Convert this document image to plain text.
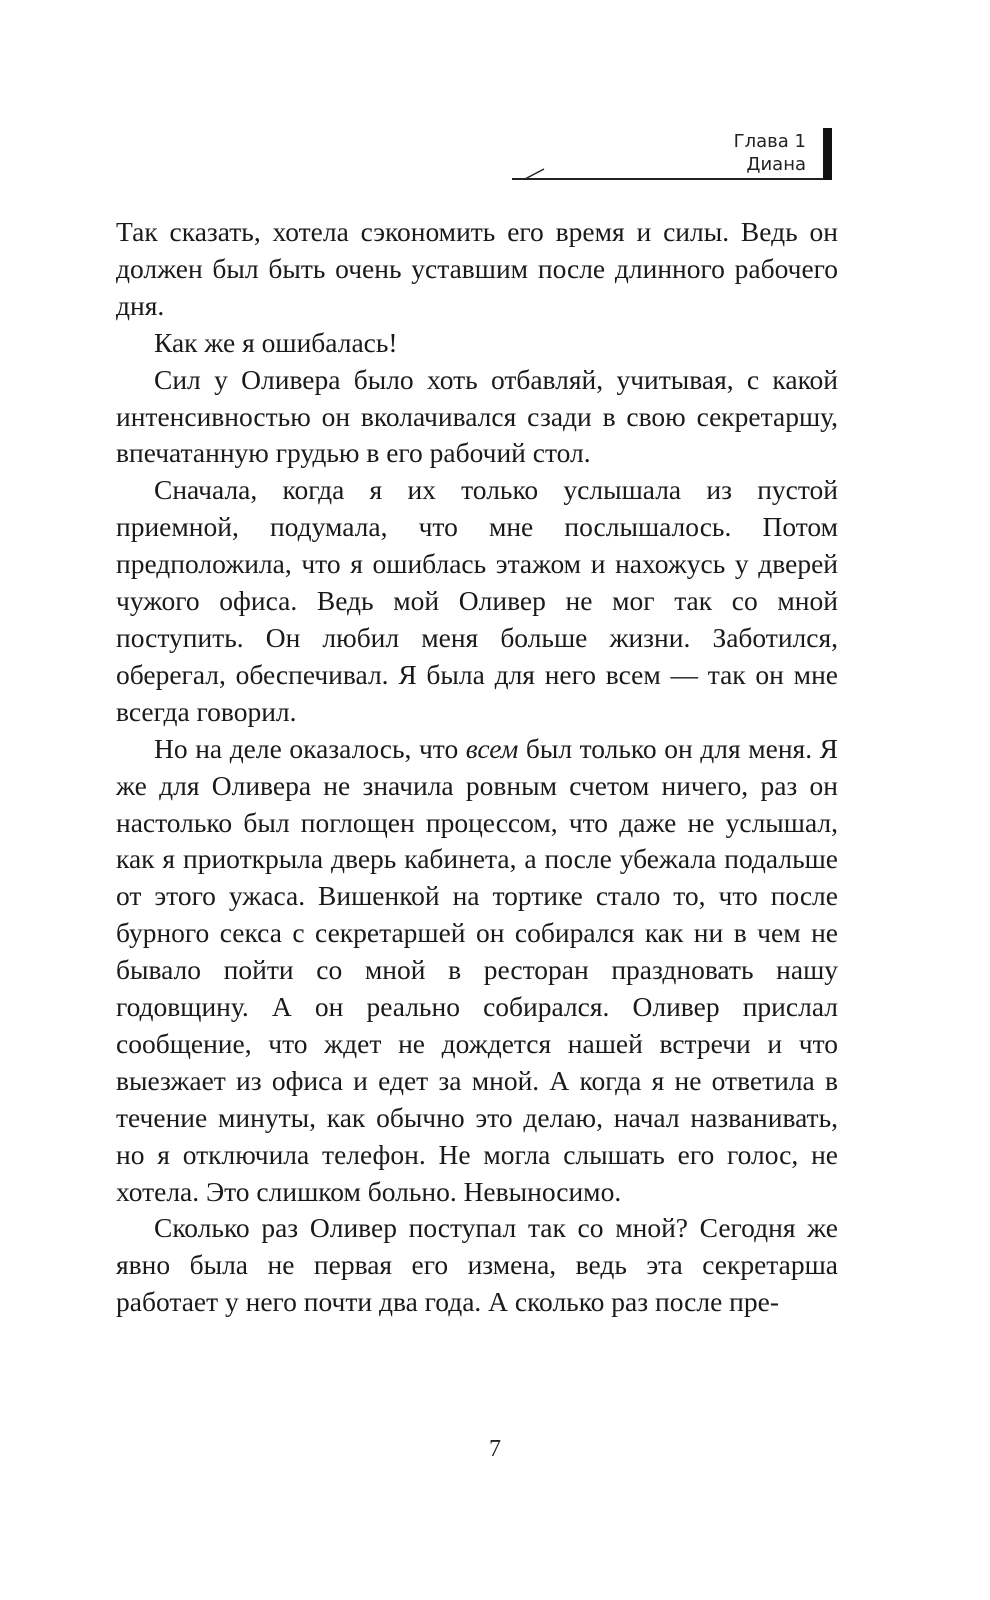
Глава 1
Диана

Так сказать, хотела сэкономить его время и силы. Ведь он должен был быть очень уставшим после длинного рабочего дня.

Как же я ошибалась!

Сил у Оливера было хоть отбавляй, учитывая, с какой интенсивностью он вколачивался сзади в свою секретаршу, впечатанную грудью в его рабочий стол.

Сначала, когда я их только услышала из пустой приемной, подумала, что мне послышалось. Потом предположила, что я ошиблась этажом и нахожусь у дверей чужого офиса. Ведь мой Оливер не мог так со мной поступить. Он любил меня больше жизни. Заботился, оберегал, обеспечивал. Я была для него всем — так он мне всегда говорил.

Но на деле оказалось, что всем был только он для меня. Я же для Оливера не значила ровным счетом ничего, раз он настолько был поглощен процессом, что даже не услышал, как я приоткрыла дверь кабинета, а после убежала подальше от этого ужаса. Вишенкой на тортике стало то, что после бурного секса с секретаршей он собирался как ни в чем не бывало пойти со мной в ресторан праздновать нашу годовщину. А он реально собирался. Оливер прислал сообщение, что ждет не дождется нашей встречи и что выезжает из офиса и едет за мной. А когда я не ответила в течение минуты, как обычно это делаю, начал названивать, но я отключила телефон. Не могла слышать его голос, не хотела. Это слишком больно. Невыносимо.

Сколько раз Оливер поступал так со мной? Сегодня же явно была не первая его измена, ведь эта секретарша работает у него почти два года. А сколько раз после пре-

7
